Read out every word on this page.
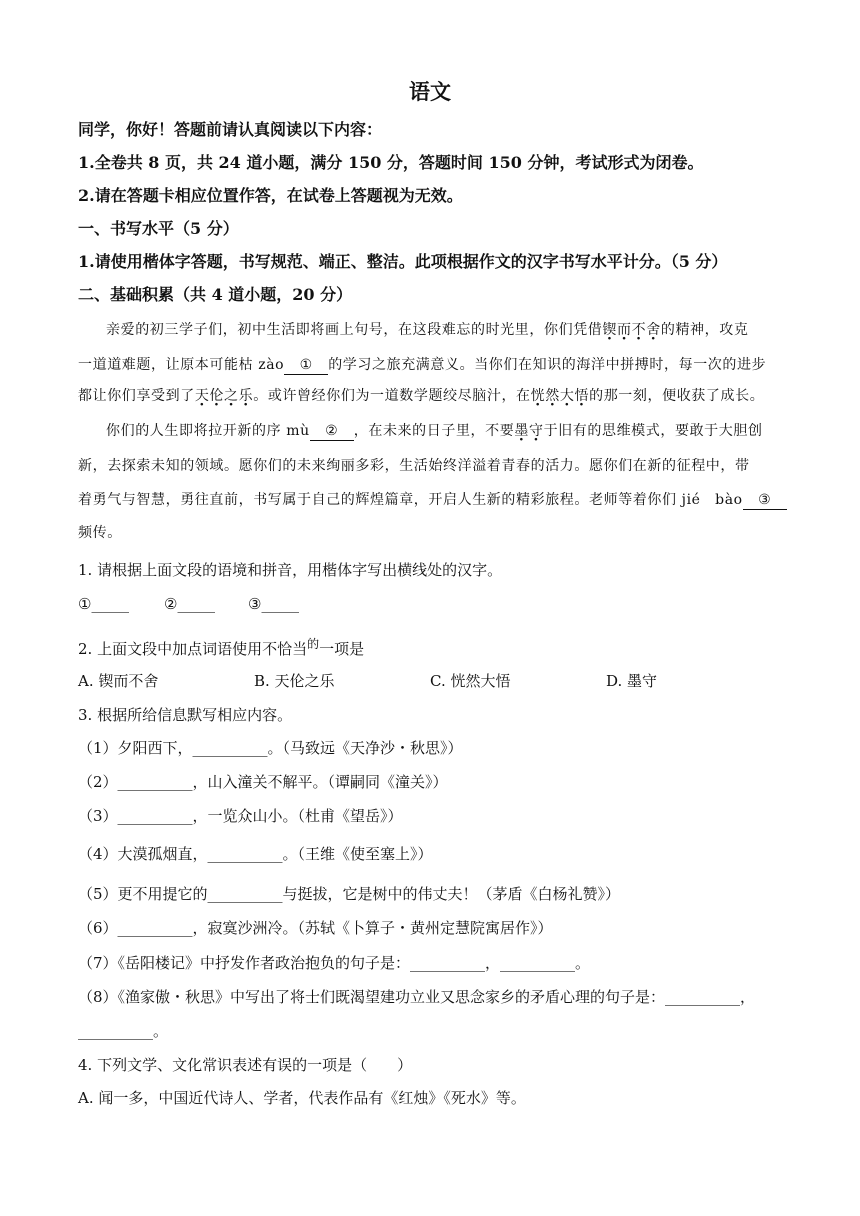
语文
同学，你好！答题前请认真阅读以下内容：
1.全卷共 8 页，共 24 道小题，满分 150 分，答题时间 150 分钟，考试形式为闭卷。
2.请在答题卡相应位置作答，在试卷上答题视为无效。
一、书写水平（5 分）
1.请使用楷体字答题，书写规范、端正、整洁。此项根据作文的汉字书写水平计分。（5 分）
二、基础积累（共 4 道小题，20 分）
亲爱的初三学子们，初中生活即将画上句号，在这段难忘的时光里，你们凭借锲而不舍的精神，攻克
一道道难题，让原本可能枯 zào ① 的学习之旅充满意义。当你们在知识的海洋中拼搏时，每一次的进步
都让你们享受到了天伦之乐。或许曾经你们为一道数学题绞尽脑汁，在恍然大悟的那一刻，便收获了成长。
你们的人生即将拉开新的序 mù ② ，在未来的日子里，不要墨守于旧有的思维模式，要敢于大胆创
新，去探索未知的领域。愿你们的未来绚丽多彩，生活始终洋溢着青春的活力。愿你们在新的征程中，带
着勇气与智慧，勇往直前，书写属于自己的辉煌篇章，开启人生新的精彩旅程。老师等着你们 jié　bào ③
频传。
1. 请根据上面文段的语境和拼音，用楷体字写出横线处的汉字。
①_____ ②_____ ③_____
2. 上面文段中加点词语使用不恰当$^的$一项是
A. 锲而不舍	B. 天伦之乐	C. 恍然大悟	D. 墨守
3. 根据所给信息默写相应内容。
（1）夕阳西下，__________。（马致远《天净沙・秋思》）
（2）__________，山入潼关不解平。（谭嗣同《潼关》）
（3）__________，一览众山小。（杜甫《望岳》）
（4）大漠孤烟直，__________。（王维《使至塞上》）
（5）更不用提它的__________与挺拔，它是树中的伟丈夫！（茅盾《白杨礼赞》）
（6）__________，寂寞沙洲冷。（苏轼《卜算子・黄州定慧院寓居作》）
（7）《岳阳楼记》中抒发作者政治抱负的句子是：__________，__________。
（8）《渔家傲・秋思》中写出了将士们既渴望建功立业又思念家乡的矛盾心理的句子是：__________，
__________。
4. 下列文学、文化常识表述有误的一项是（　　）
A. 闻一多，中国近代诗人、学者，代表作品有《红烛》《死水》等。
